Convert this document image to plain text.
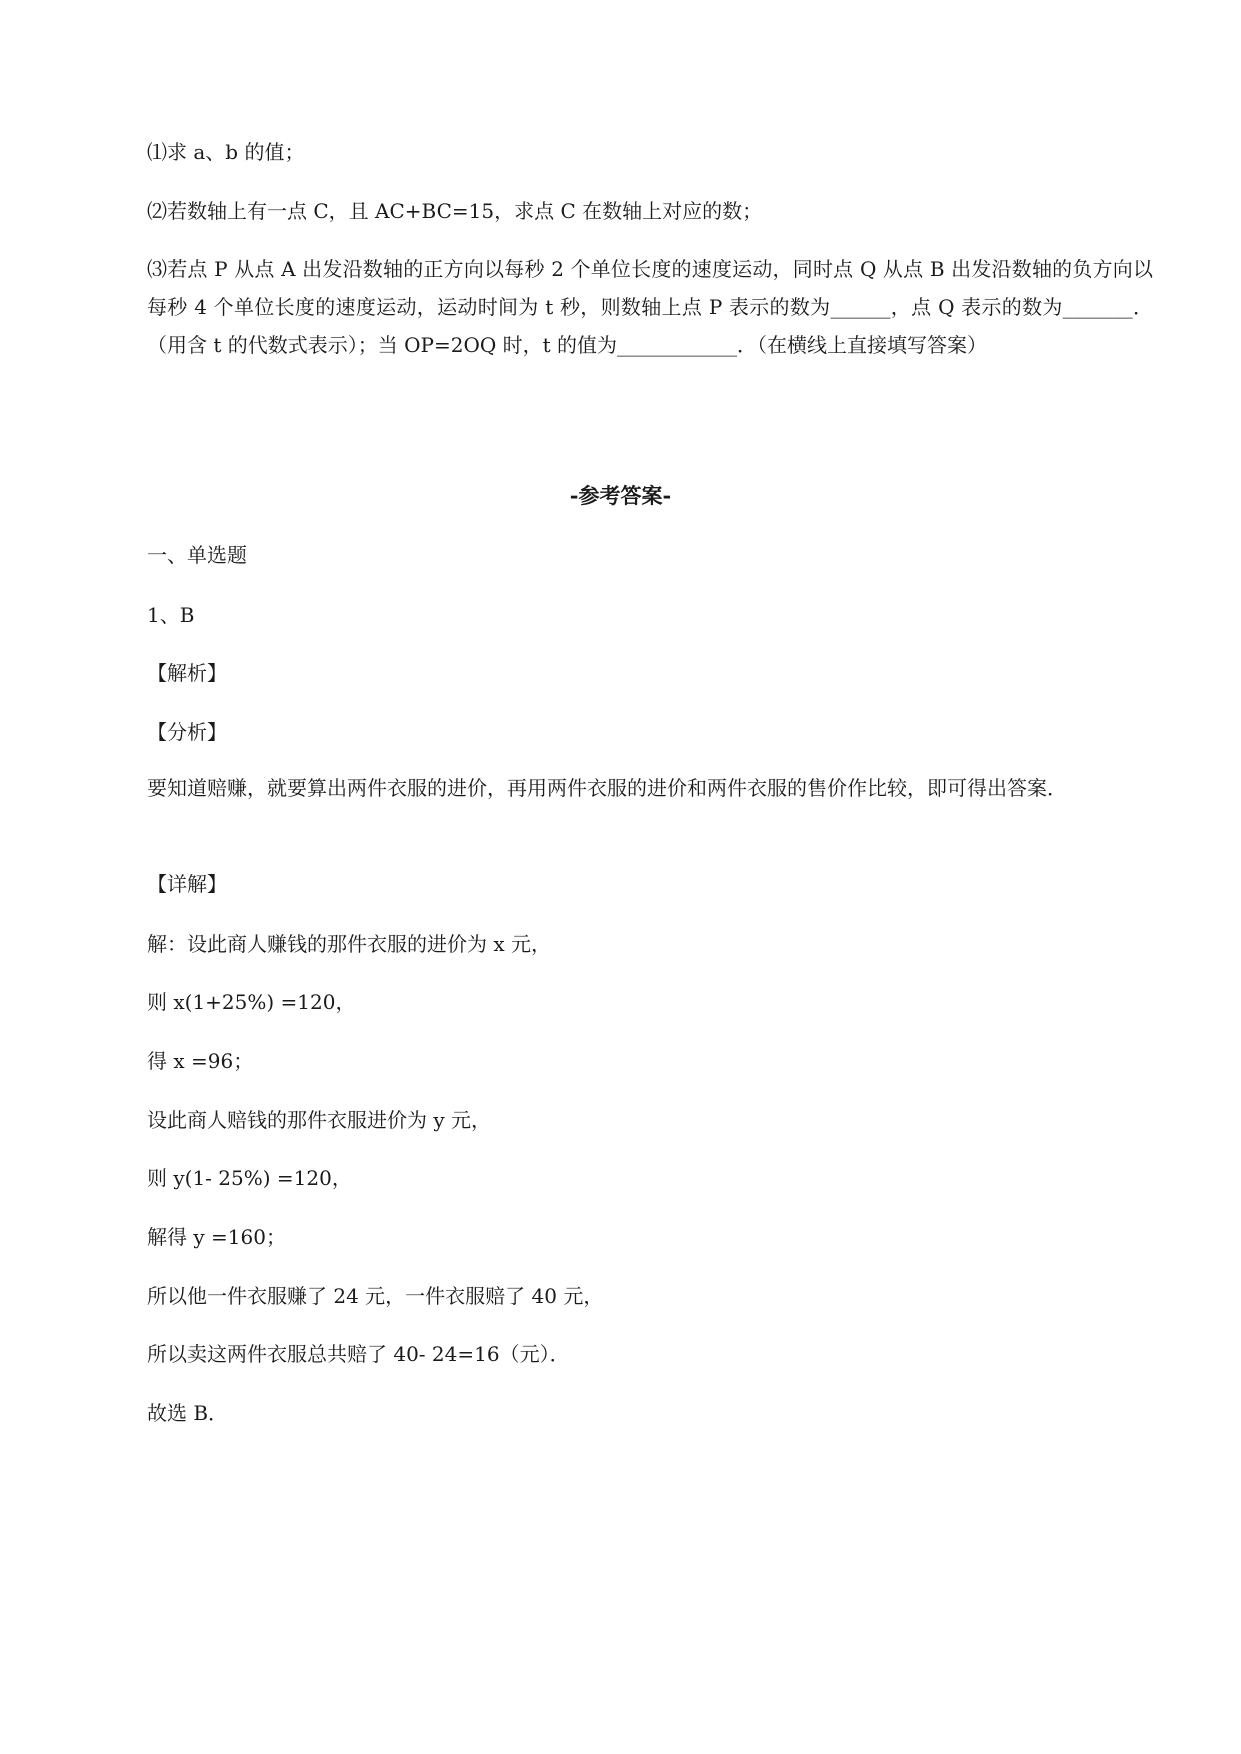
⑴求 a、b 的值；
⑵若数轴上有一点 C，且 AC+BC=15，求点 C 在数轴上对应的数；
⑶若点 P 从点 A 出发沿数轴的正方向以每秒 2 个单位长度的速度运动，同时点 Q 从点 B 出发沿数轴的负方向以每秒 4 个单位长度的速度运动，运动时间为 t 秒，则数轴上点 P 表示的数为______，点 Q 表示的数为_______．（用含 t 的代数式表示）；当 OP=2OQ 时，t 的值为____________．（在横线上直接填写答案）
-参考答案-
一、单选题
1、B
【解析】
【分析】
要知道赔赚，就要算出两件衣服的进价，再用两件衣服的进价和两件衣服的售价作比较，即可得出答案．
【详解】
解：设此商人赚钱的那件衣服的进价为 x 元，
则 x(1+25%) =120，
得 x =96；
设此商人赔钱的那件衣服进价为 y 元，
则 y(1- 25%) =120，
解得 y =160；
所以他一件衣服赚了 24 元，一件衣服赔了 40 元，
所以卖这两件衣服总共赔了 40- 24=16（元）．
故选 B．
